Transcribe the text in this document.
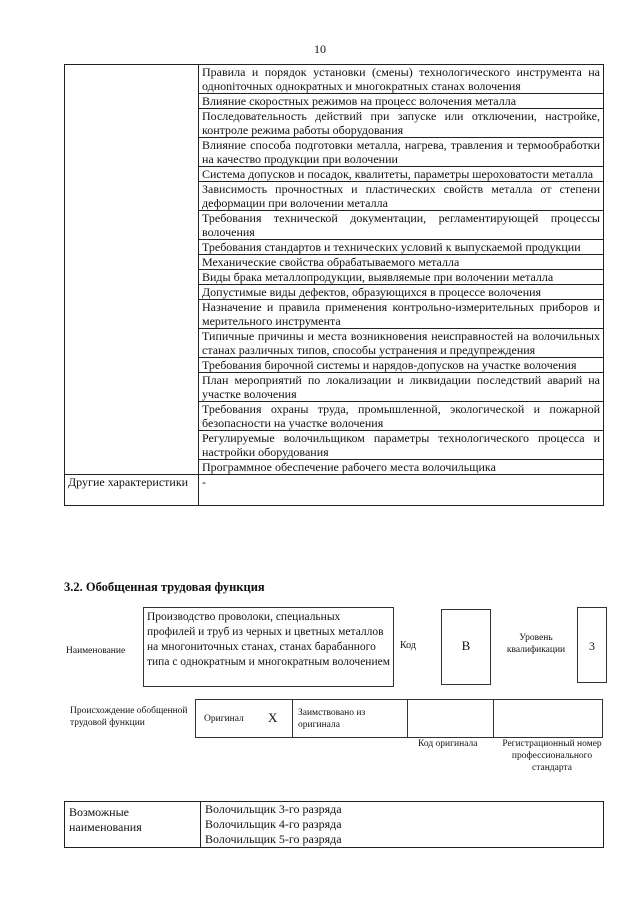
10
	Правила и порядок установки (смены) технологического инструмента на одноniточных однократных и многократных станах волочения
	Влияние скоростных режимов на процесс волочения металла
	Последовательность действий при запуске или отключении, настройке, контроле режима работы оборудования
	Влияние способа подготовки металла, нагрева, травления и термообработки на качество продукции при волочении
	Система допусков и посадок, квалитеты, параметры шероховатости металла
	Зависимость прочностных и пластических свойств металла от степени деформации при волочении металла
	Требования технической документации, регламентирующей процессы волочения
	Требования стандартов и технических условий к выпускаемой продукции
	Механические свойства обрабатываемого металла
	Виды брака металлопродукции, выявляемые при волочении металла
	Допустимые виды дефектов, образующихся в процессе волочения
	Назначение и правила применения контрольно-измерительных приборов и мерительного инструмента
	Типичные причины и места возникновения неисправностей на волочильных станах различных типов, способы устранения и предупреждения
	Требования бирочной системы и нарядов-допусков на участке волочения
	План мероприятий по локализации и ликвидации последствий аварий на участке волочения
	Требования охраны труда, промышленной, экологической и пожарной безопасности на участке волочения
	Регулируемые волочильщиком параметры технологического процесса и настройки оборудования
	Программное обеспечение рабочего места волочильщика
Другие характеристики	-
3.2. Обобщенная трудовая функция
Наименование
Производство проволоки, специальных профилей и труб из черных и цветных металлов на многониточных станах, станах барабанного типа с однократным и многократным волочением
Код	B	Уровень квалификации	3
Происхождение обобщенной трудовой функции	Оригинал X Заимствовано из оригинала
Код оригинала	Регистрационный номер профессионального стандарта
Возможные наименования	
Волочильщик 3-го разряда
Волочильщик 4-го разряда
Волочильщик 5-го разряда
